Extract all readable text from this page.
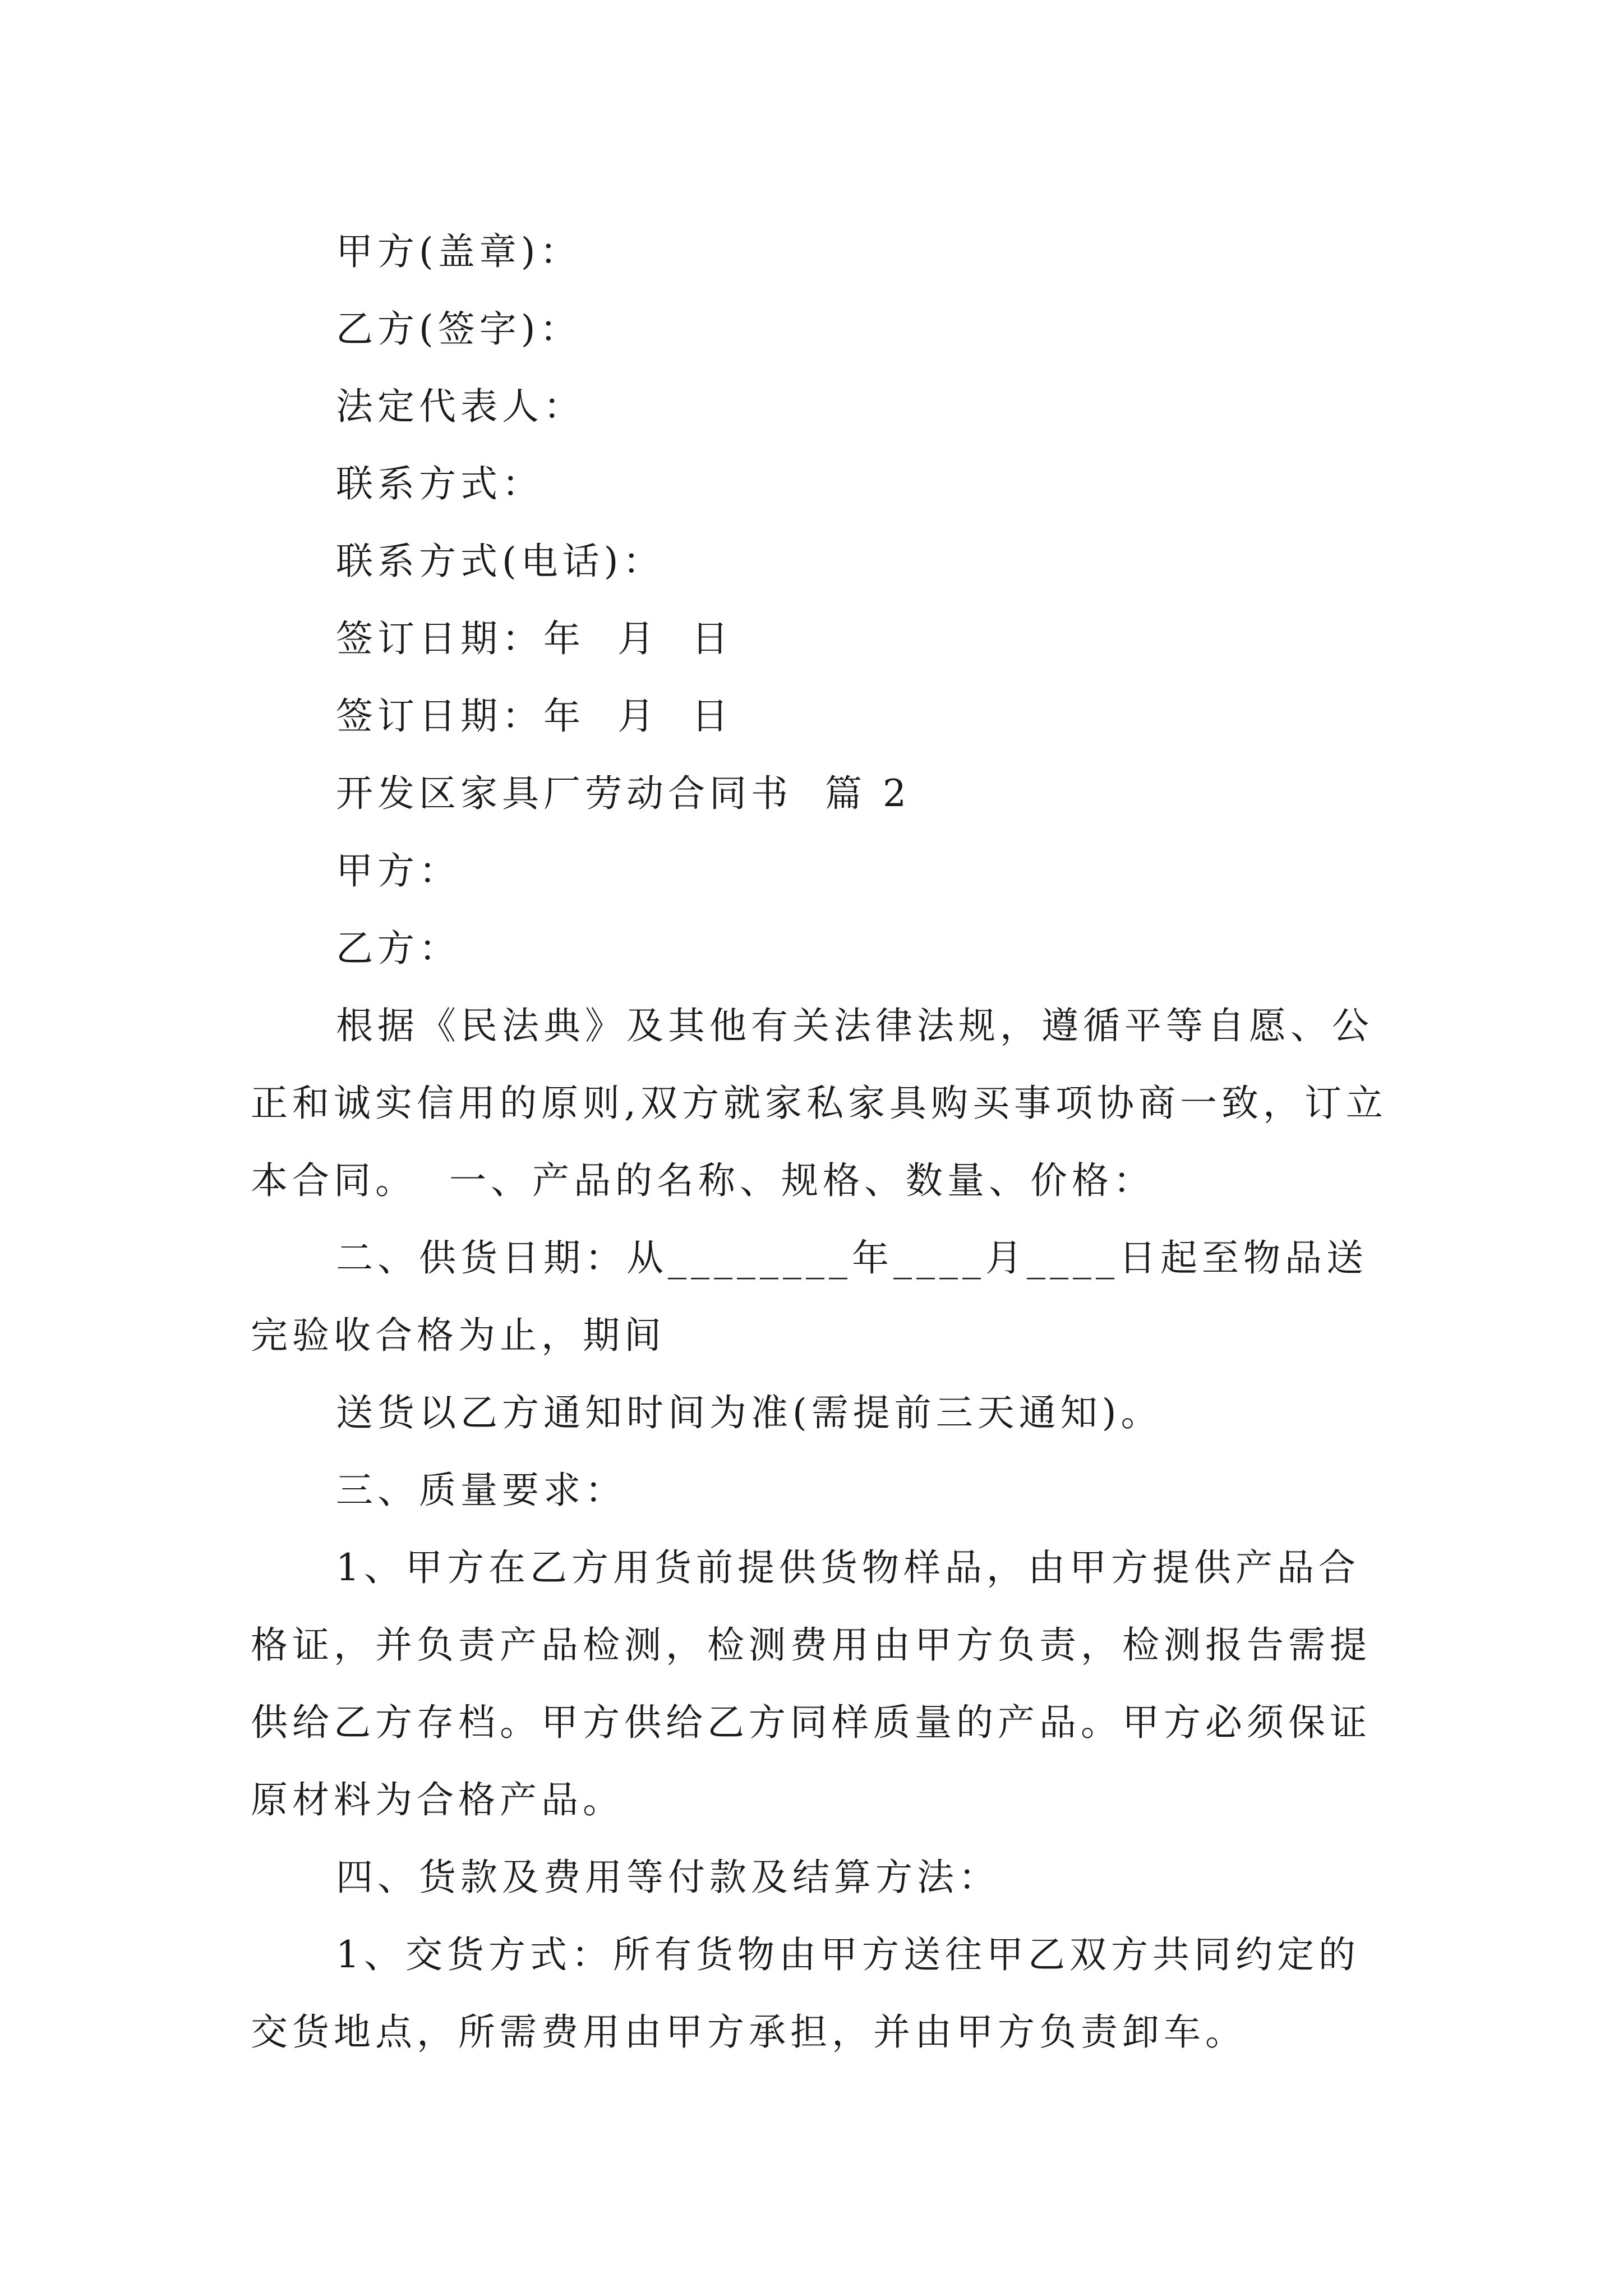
甲方(盖章)：

乙方(签字)：

法定代表人：

联系方式：

联系方式(电话)：

签订日期：年  月  日

签订日期：年  月  日

开发区家具厂劳动合同书  篇 2

甲方：

乙方：

根据《民法典》及其他有关法律法规，遵循平等自愿、公正和诚实信用的原则,双方就家私家具购买事项协商一致，订立本合同。  一、产品的名称、规格、数量、价格：

二、供货日期：从________年____月____日起至物品送完验收合格为止，期间

送货以乙方通知时间为准(需提前三天通知)。

三、质量要求：

1、甲方在乙方用货前提供货物样品，由甲方提供产品合格证，并负责产品检测，检测费用由甲方负责，检测报告需提供给乙方存档。甲方供给乙方同样质量的产品。甲方必须保证原材料为合格产品。

四、货款及费用等付款及结算方法：

1、交货方式：所有货物由甲方送往甲乙双方共同约定的交货地点，所需费用由甲方承担，并由甲方负责卸车。
